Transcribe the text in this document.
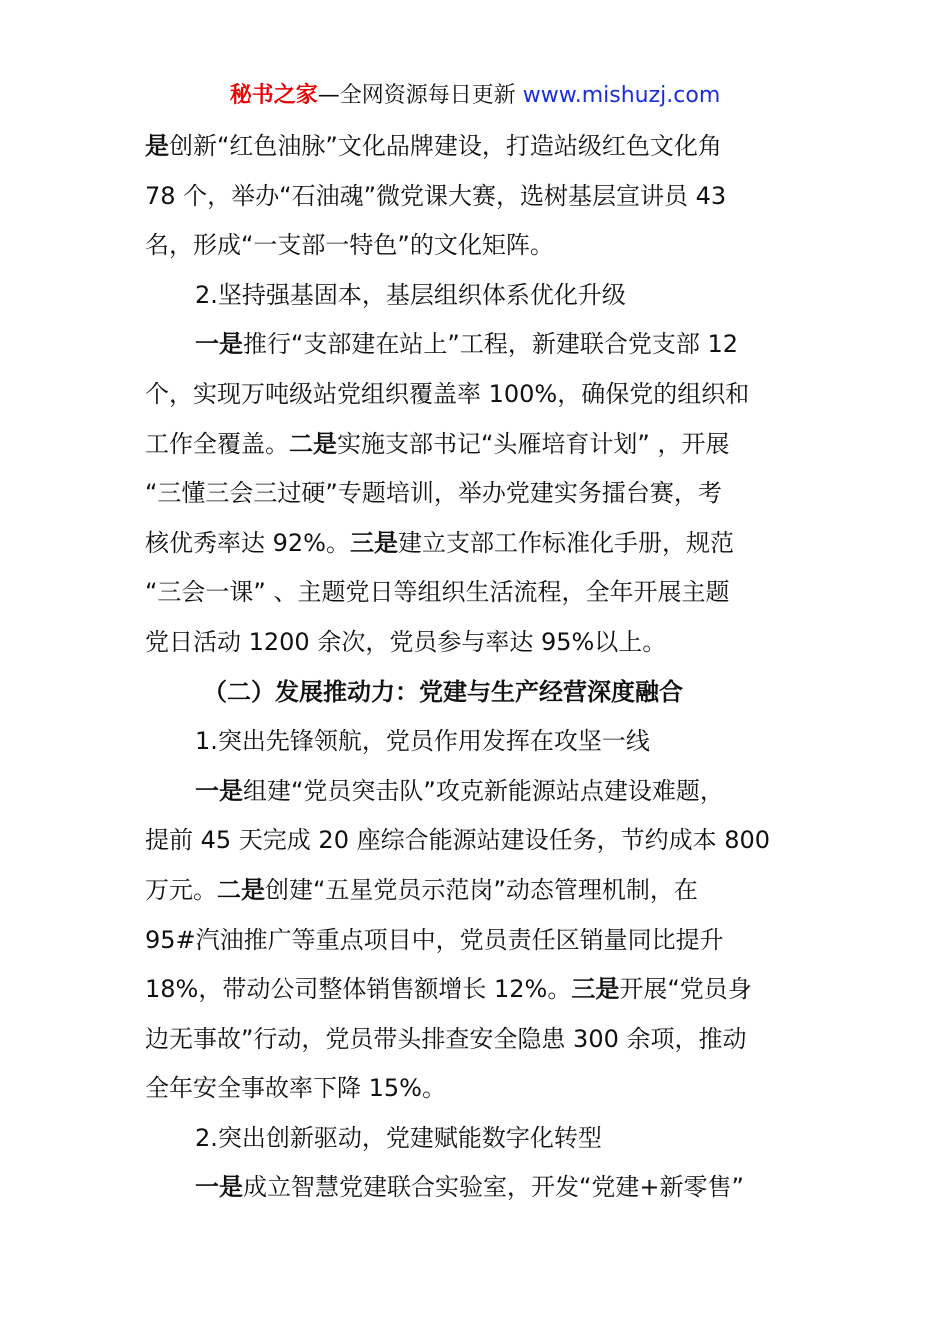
秘书之家—全网资源每日更新 www.mishuzj.com
是创新“红色油脉”文化品牌建设，打造站级红色文化角
78 个，举办“石油魂”微党课大赛，选树基层宣讲员 43
名，形成“一支部一特色”的文化矩阵。
2.坚持强基固本，基层组织体系优化升级
一是推行“支部建在站上”工程，新建联合党支部 12
个，实现万吨级站党组织覆盖率 100%，确保党的组织和
工作全覆盖。二是实施支部书记“头雁培育计划” ，开展
“三懂三会三过硬”专题培训，举办党建实务擂台赛，考
核优秀率达 92%。三是建立支部工作标准化手册，规范
“三会一课” 、主题党日等组织生活流程，全年开展主题
党日活动 1200 余次，党员参与率达 95%以上。
（二）发展推动力：党建与生产经营深度融合
1.突出先锋领航，党员作用发挥在攻坚一线
一是组建“党员突击队”攻克新能源站点建设难题，
提前 45 天完成 20 座综合能源站建设任务，节约成本 800
万元。二是创建“五星党员示范岗”动态管理机制，在
95#汽油推广等重点项目中，党员责任区销量同比提升
18%，带动公司整体销售额增长 12%。三是开展“党员身
边无事故”行动，党员带头排查安全隐患 300 余项，推动
全年安全事故率下降 15%。
2.突出创新驱动，党建赋能数字化转型
一是成立智慧党建联合实验室，开发“党建+新零售”
